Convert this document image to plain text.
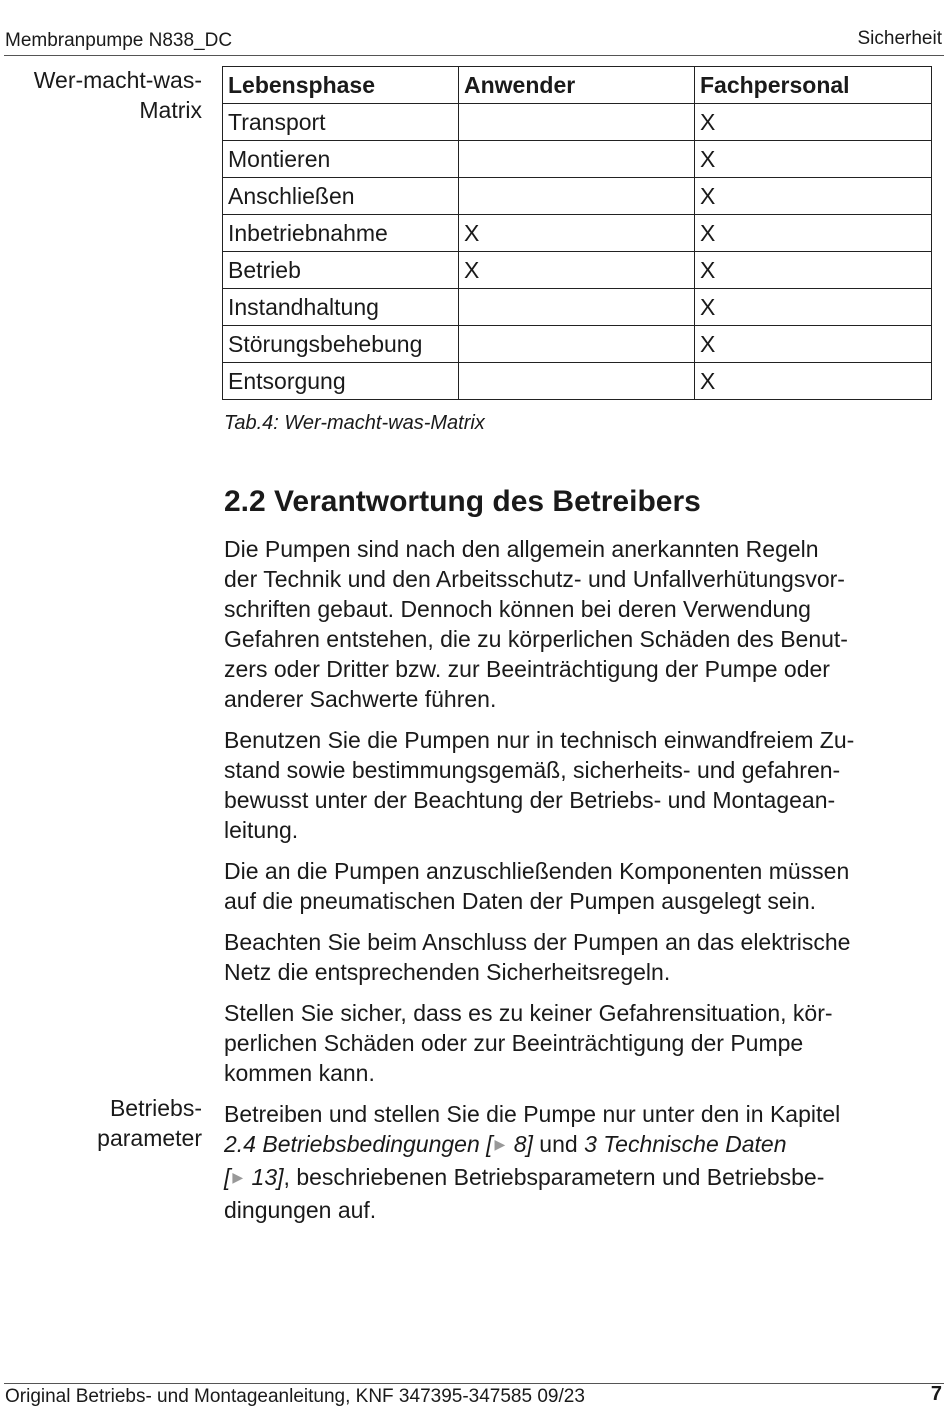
Membranpumpe N838_DC	Sicherheit
Wer-macht-was-
Matrix
Lebensphase	Anwender	Fachpersonal
Transport		X
Montieren		X
Anschließen		X
Inbetriebnahme	X	X
Betrieb	X	X
Instandhaltung		X
Störungsbehebung		X
Entsorgung		X
Tab.4: Wer-macht-was-Matrix
2.2 Verantwortung des Betreibers

Die Pumpen sind nach den allgemein anerkannten Regeln
der Technik und den Arbeitsschutz- und Unfallverhütungsvor-
schriften gebaut. Dennoch können bei deren Verwendung
Gefahren entstehen, die zu körperlichen Schäden des Benut-
zers oder Dritter bzw. zur Beeinträchtigung der Pumpe oder
anderer Sachwerte führen.

Benutzen Sie die Pumpen nur in technisch einwandfreiem Zu-
stand sowie bestimmungsgemäß, sicherheits- und gefahren-
bewusst unter der Beachtung der Betriebs- und Montagean-
leitung.

Die an die Pumpen anzuschließenden Komponenten müssen
auf die pneumatischen Daten der Pumpen ausgelegt sein.

Beachten Sie beim Anschluss der Pumpen an das elektrische
Netz die entsprechenden Sicherheitsregeln.

Stellen Sie sicher, dass es zu keiner Gefahrensituation, kör-
perlichen Schäden oder zur Beeinträchtigung der Pumpe
kommen kann.

Betreiben und stellen Sie die Pumpe nur unter den in Kapitel
2.4 Betriebsbedingungen [ ▶ 8] und 3 Technische Daten
[ ▶ 13], beschriebenen Betriebsparametern und Betriebsbe-
dingungen auf.

Betriebs-
parameter
Original Betriebs- und Montageanleitung, KNF 347395-347585 09/23	7
